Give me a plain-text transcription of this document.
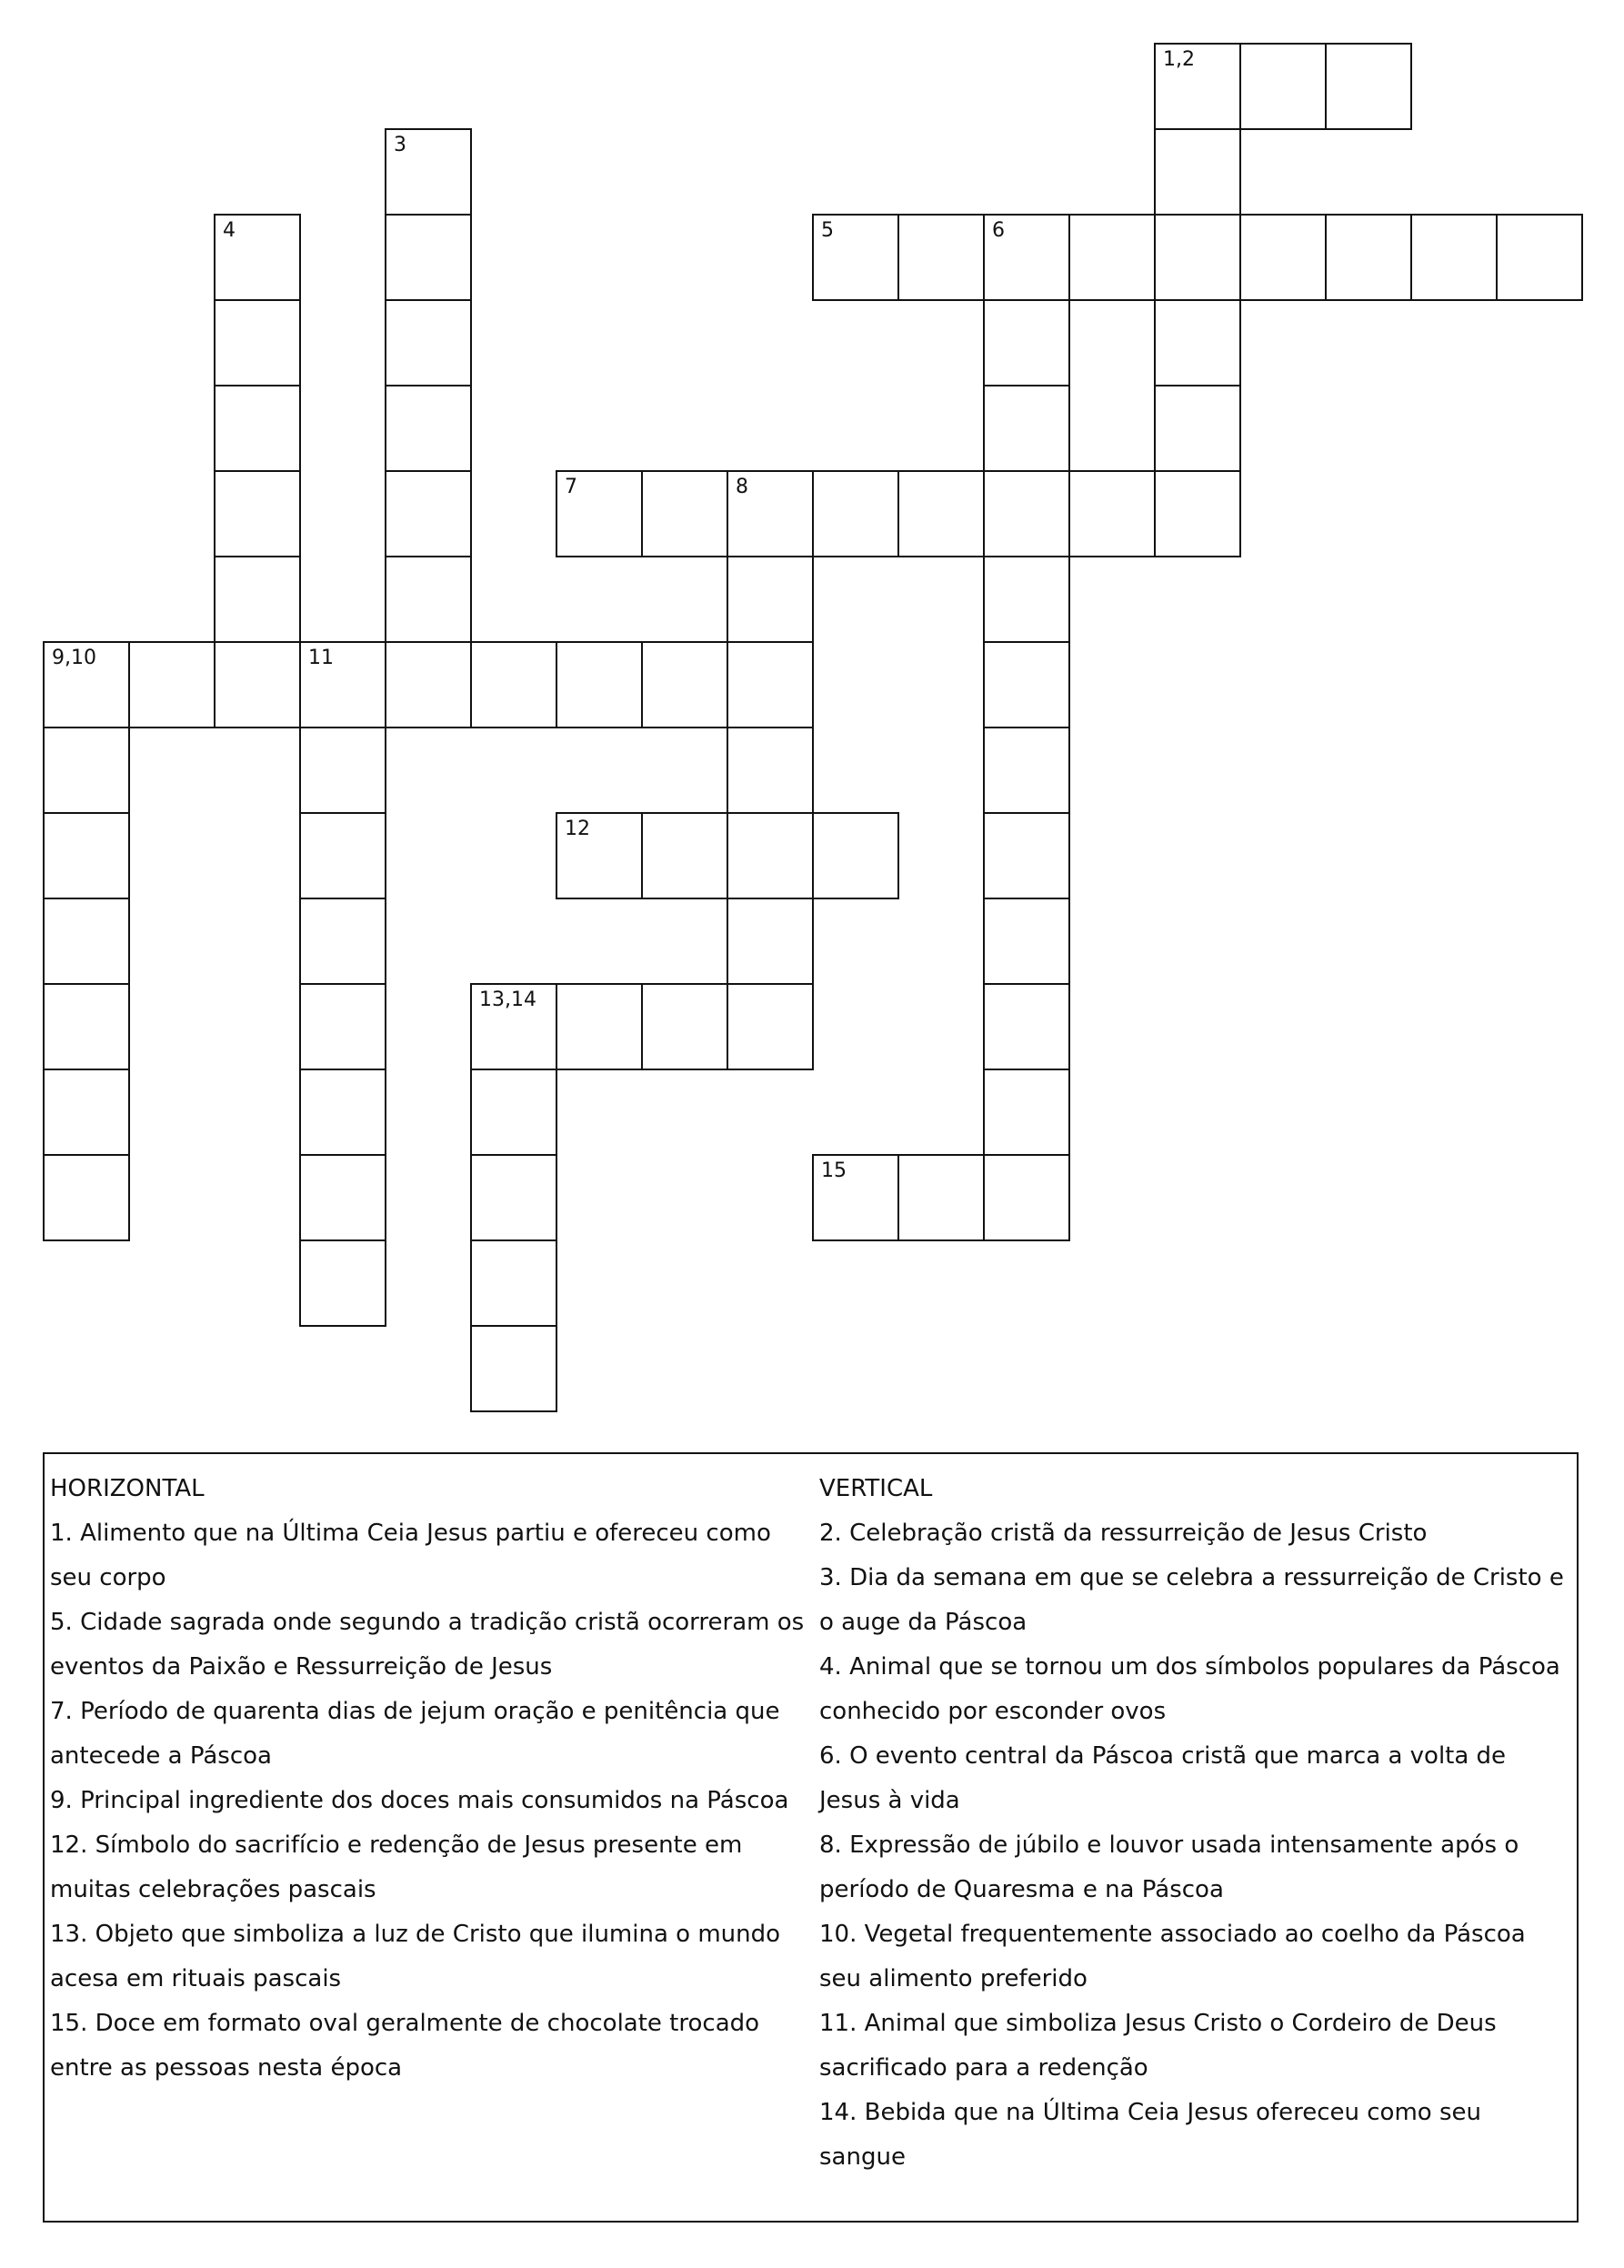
1,2
3
4	5	6
7	8
9,10	11
12
13,14
15

HORIZONTAL

1. Alimento que na Última Ceia Jesus partiu e ofereceu como seu corpo

5. Cidade sagrada onde segundo a tradição cristã ocorreram os eventos da Paixão e Ressurreição de Jesus

7. Período de quarenta dias de jejum oração e penitência que antecede a Páscoa

9. Principal ingrediente dos doces mais consumidos na Páscoa

12. Símbolo do sacrifício e redenção de Jesus presente em muitas celebrações pascais

13. Objeto que simboliza a luz de Cristo que ilumina o mundo acesa em rituais pascais

15. Doce em formato oval geralmente de chocolate trocado entre as pessoas nesta época

VERTICAL

2. Celebração cristã da ressurreição de Jesus Cristo

3. Dia da semana em que se celebra a ressurreição de Cristo e o auge da Páscoa

4. Animal que se tornou um dos símbolos populares da Páscoa conhecido por esconder ovos

6. O evento central da Páscoa cristã que marca a volta de Jesus à vida

8. Expressão de júbilo e louvor usada intensamente após o período de Quaresma e na Páscoa

10. Vegetal frequentemente associado ao coelho da Páscoa seu alimento preferido

11. Animal que simboliza Jesus Cristo o Cordeiro de Deus sacrificado para a redenção

14. Bebida que na Última Ceia Jesus ofereceu como seu sangue
